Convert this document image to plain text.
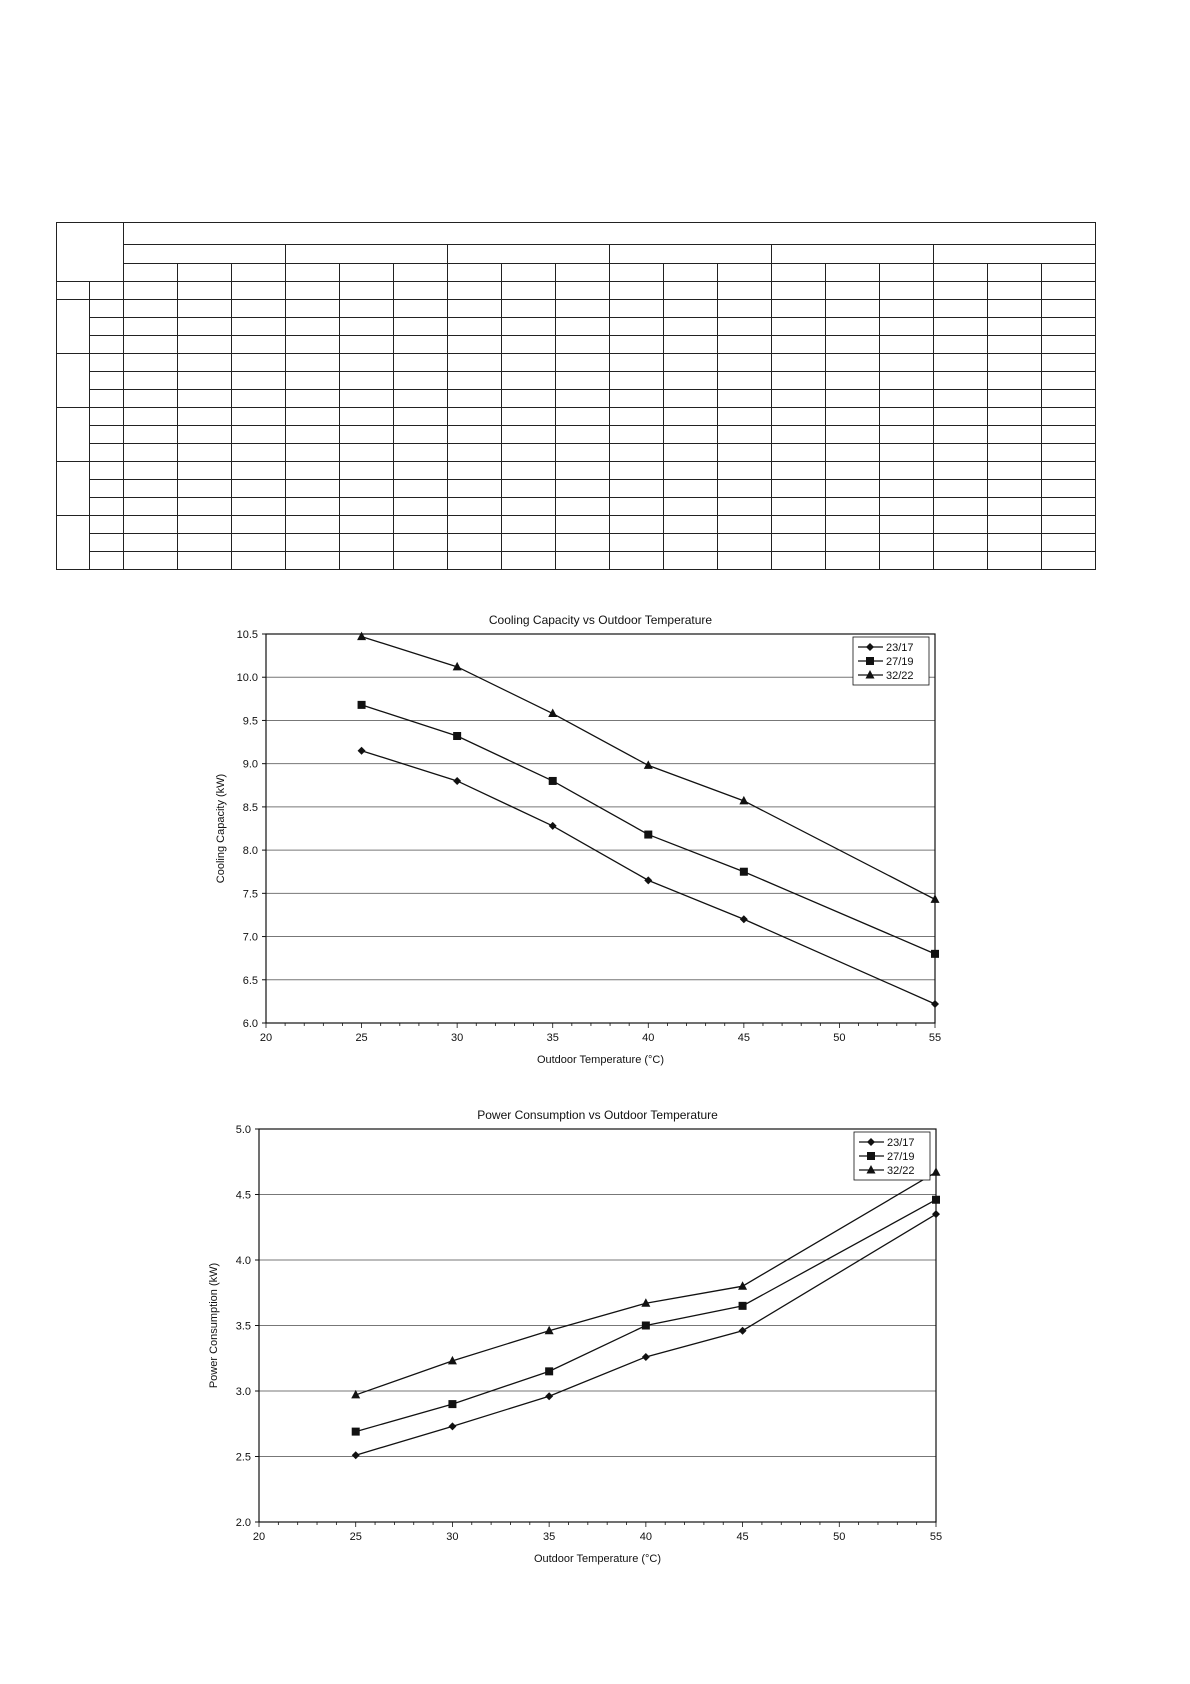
Cooling Capacity vs Outdoor Temperature
6.0
6.5
7.0
7.5
8.0
8.5
9.0
9.5
10.0
10.5
20	25	30	35	40	45	50	55
Outdoor Temperature (°C)
Cooling Capacity (kW)
23/17
27/19
32/22
Power Consumption vs Outdoor Temperature
2.0
2.5
3.0
3.5
4.0
4.5
5.0
20	25	30	35	40	45	50	55
Outdoor Temperature (°C)
Power Consumption (kW)
23/17
27/19
32/22
